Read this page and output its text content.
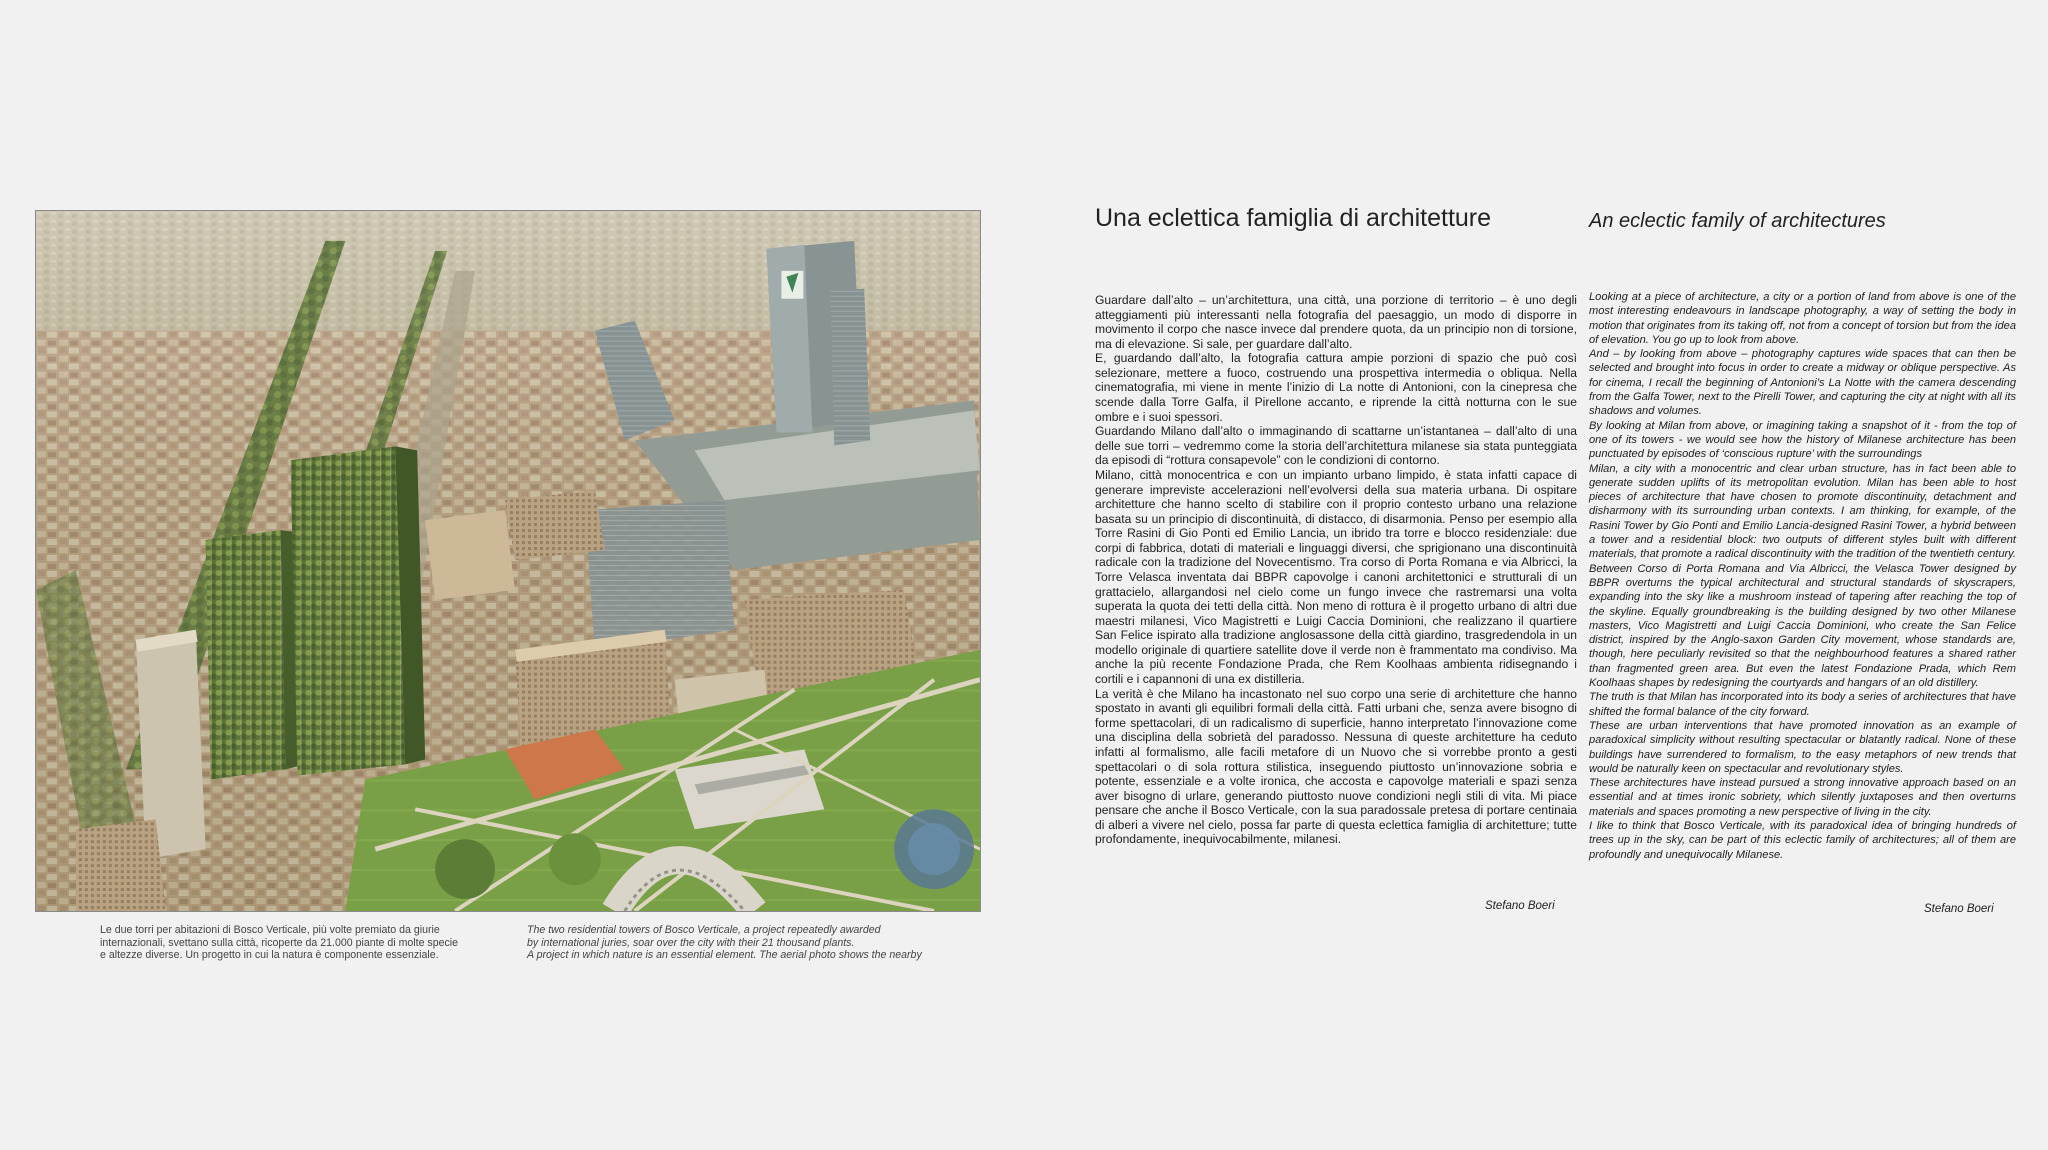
Le due torri per abitazioni di Bosco Verticale, più volte premiato da giurie
internazionali, svettano sulla città, ricoperte da 21.000 piante di molte specie
e altezze diverse. Un progetto in cui la natura è componente essenziale.
The two residential towers of Bosco Verticale, a project repeatedly awarded
by international juries, soar over the city with their 21 thousand plants.
A project in which nature is an essential element. The aerial photo shows the nearby
Una eclettica famiglia di architetture	An eclectic family of architectures

Guardare dall’alto – un’architettura, una città, una porzione di territorio – è uno degli atteggiamenti più interessanti nella fotografia del paesaggio, un modo di disporre in movimento il corpo che nasce invece dal prendere quota, da un principio non di torsione, ma di elevazione. Si sale, per guardare dall’alto.

E, guardando dall’alto, la fotografia cattura ampie porzioni di spazio che può così selezionare, mettere a fuoco, costruendo una prospettiva intermedia o obliqua. Nella cinematografia, mi viene in mente l’inizio di La notte di Antonioni, con la cinepresa che scende dalla Torre Galfa, il Pirellone accanto, e riprende la città notturna con le sue ombre e i suoi spessori.

Guardando Milano dall’alto o immaginando di scattarne un’istantanea – dall’alto di una delle sue torri – vedremmo come la storia dell’architettura milanese sia stata punteggiata da episodi di “rottura consapevole” con le condizioni di contorno.

Milano, città monocentrica e con un impianto urbano limpido, è stata infatti capace di generare impreviste accelerazioni nell’evolversi della sua materia urbana. Di ospitare architetture che hanno scelto di stabilire con il proprio contesto urbano una relazione basata su un principio di discontinuità, di distacco, di disarmonia. Penso per esempio alla Torre Rasini di Gio Ponti ed Emilio Lancia, un ibrido tra torre e blocco residenziale: due corpi di fabbrica, dotati di materiali e linguaggi diversi, che sprigionano una discontinuità radicale con la tradizione del Novecentismo. Tra corso di Porta Romana e via Albricci, la Torre Velasca inventata dai BBPR capovolge i canoni architettonici e strutturali di un grattacielo, allargandosi nel cielo come un fungo invece che rastremarsi una volta superata la quota dei tetti della città. Non meno di rottura è il progetto urbano di altri due maestri milanesi, Vico Magistretti e Luigi Caccia Dominioni, che realizzano il quartiere San Felice ispirato alla tradizione anglosassone della città giardino, trasgredendola in un modello originale di quartiere satellite dove il verde non è frammentato ma condiviso. Ma anche la più recente Fondazione Prada, che Rem Koolhaas ambienta ridisegnando i cortili e i capannoni di una ex distilleria.

La verità è che Milano ha incastonato nel suo corpo una serie di architetture che hanno spostato in avanti gli equilibri formali della città. Fatti urbani che, senza avere bisogno di forme spettacolari, di un radicalismo di superficie, hanno interpretato l’innovazione come una disciplina della sobrietà del paradosso. Nessuna di queste architetture ha ceduto infatti al formalismo, alle facili metafore di un Nuovo che si vorrebbe pronto a gesti spettacolari o di sola rottura stilistica, inseguendo piuttosto un’innovazione sobria e potente, essenziale e a volte ironica, che accosta e capovolge materiali e spazi senza aver bisogno di urlare, generando piuttosto nuove condizioni negli stili di vita. Mi piace pensare che anche il Bosco Verticale, con la sua paradossale pretesa di portare centinaia di alberi a vivere nel cielo, possa far parte di questa eclettica famiglia di architetture; tutte profondamente, inequivocabilmente, milanesi.

Looking at a piece of architecture, a city or a portion of land from above is one of the most interesting endeavours in landscape photography, a way of setting the body in motion that originates from its taking off, not from a concept of torsion but from the idea of elevation. You go up to look from above.

And – by looking from above – photography captures wide spaces that can then be selected and brought into focus in order to create a midway or oblique perspective. As for cinema, I recall the beginning of Antonioni’s La Notte with the camera descending from the Galfa Tower, next to the Pirelli Tower, and capturing the city at night with all its shadows and volumes.

By looking at Milan from above, or imagining taking a snapshot of it - from the top of one of its towers - we would see how the history of Milanese architecture has been punctuated by episodes of ‘conscious rupture’ with the surroundings

Milan, a city with a monocentric and clear urban structure, has in fact been able to generate sudden uplifts of its metropolitan evolution. Milan has been able to host pieces of architecture that have chosen to promote discontinuity, detachment and disharmony with its surrounding urban contexts. I am thinking, for example, of the Rasini Tower by Gio Ponti and Emilio Lancia-designed Rasini Tower, a hybrid between a tower and a residential block: two outputs of different styles built with different materials, that promote a radical discontinuity with the tradition of the twentieth century. Between Corso di Porta Romana and Via Albricci, the Velasca Tower designed by BBPR overturns the typical architectural and structural standards of skyscrapers, expanding into the sky like a mushroom instead of tapering after reaching the top of the skyline. Equally groundbreaking is the building designed by two other Milanese masters, Vico Magistretti and Luigi Caccia Dominioni, who create the San Felice district, inspired by the Anglo-saxon Garden City movement, whose standards are, though, here peculiarly revisited so that the neighbourhood features a shared rather than fragmented green area. But even the latest Fondazione Prada, which Rem Koolhaas shapes by redesigning the courtyards and hangars of an old distillery.

The truth is that Milan has incorporated into its body a series of architectures that have shifted the formal balance of the city forward.

These are urban interventions that have promoted innovation as an example of paradoxical simplicity without resulting spectacular or blatantly radical. None of these buildings have surrendered to formalism, to the easy metaphors of new trends that would be naturally keen on spectacular and revolutionary styles.

These architectures have instead pursued a strong innovative approach based on an essential and at times ironic sobriety, which silently juxtaposes and then overturns materials and spaces promoting a new perspective of living in the city.

I like to think that Bosco Verticale, with its paradoxical idea of bringing hundreds of trees up in the sky, can be part of this eclectic family of architectures; all of them are profoundly and unequivocally Milanese.

Stefano Boeri	Stefano Boeri
